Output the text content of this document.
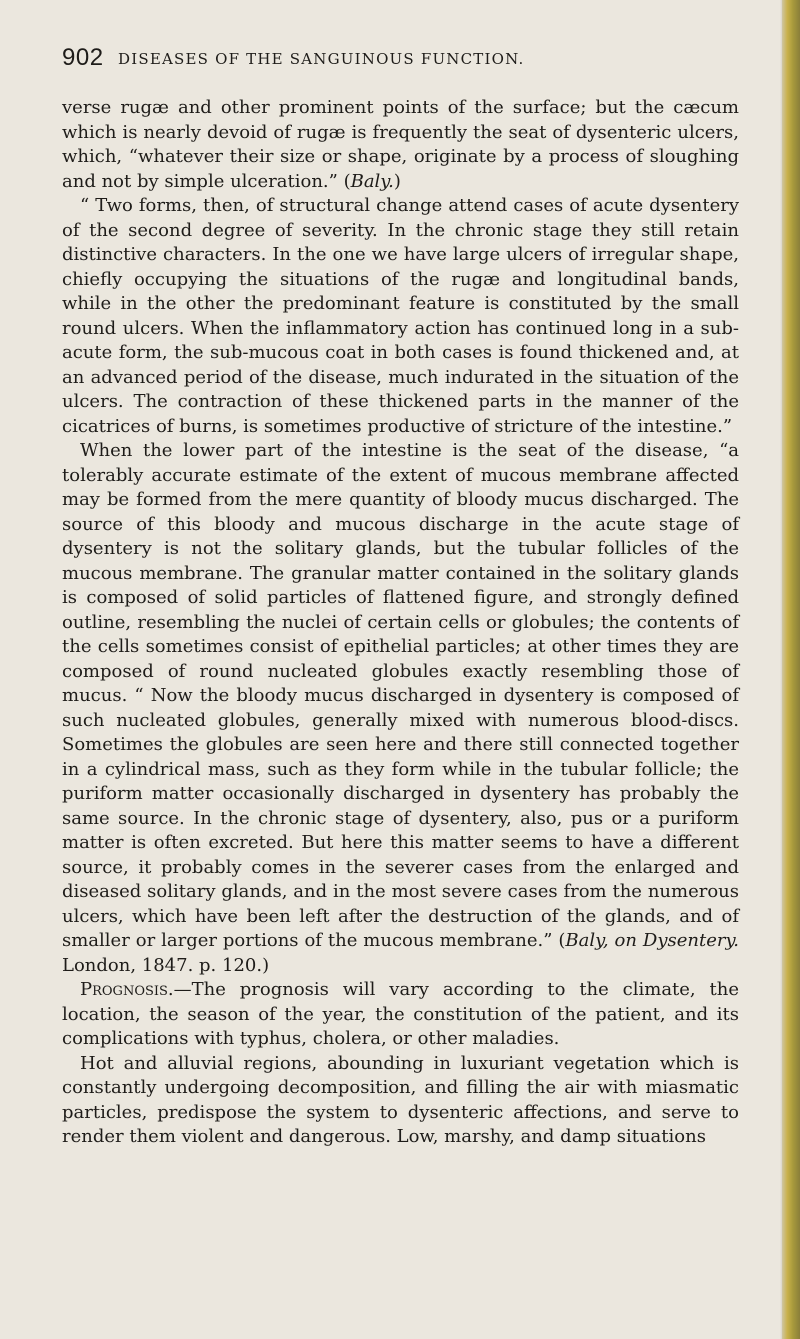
902 DISEASES OF THE SANGUINOUS FUNCTION.

verse rugæ and other prominent points of the surface; but the cæcum which is nearly devoid of rugæ is frequently the seat of dysenteric ulcers, which, “whatever their size or shape, originate by a process of sloughing and not by simple ulceration.” (Baly.)

“ Two forms, then, of structural change attend cases of acute dysentery of the second degree of severity. In the chronic stage they still retain distinctive characters. In the one we have large ulcers of irregular shape, chiefly occupying the situations of the rugæ and longitudinal bands, while in the other the predominant feature is constituted by the small round ulcers. When the inflammatory action has continued long in a sub-acute form, the sub-mucous coat in both cases is found thickened and, at an advanced period of the disease, much indurated in the situation of the ulcers. The contraction of these thickened parts in the manner of the cicatrices of burns, is sometimes productive of stricture of the intestine.”

When the lower part of the intestine is the seat of the disease, “a tolerably accurate estimate of the extent of mucous membrane affected may be formed from the mere quantity of bloody mucus discharged. The source of this bloody and mucous discharge in the acute stage of dysentery is not the solitary glands, but the tubular follicles of the mucous membrane. The granular matter contained in the solitary glands is composed of solid particles of flattened figure, and strongly defined outline, resembling the nuclei of certain cells or globules; the contents of the cells sometimes consist of epithelial particles; at other times they are composed of round nucleated globules exactly resembling those of mucus. “ Now the bloody mucus discharged in dysentery is composed of such nucleated globules, generally mixed with numerous blood-discs. Sometimes the globules are seen here and there still connected together in a cylindrical mass, such as they form while in the tubular follicle; the puriform matter occasionally discharged in dysentery has probably the same source. In the chronic stage of dysentery, also, pus or a puriform matter is often excreted. But here this matter seems to have a different source, it probably comes in the severer cases from the enlarged and diseased solitary glands, and in the most severe cases from the numerous ulcers, which have been left after the destruction of the glands, and of smaller or larger portions of the mucous membrane.” (Baly, on Dysentery. London, 1847. p. 120.)

Prognosis.—The prognosis will vary according to the climate, the location, the season of the year, the constitution of the patient, and its complications with typhus, cholera, or other maladies.

Hot and alluvial regions, abounding in luxuriant vegetation which is constantly undergoing decomposition, and filling the air with miasmatic particles, predispose the system to dysenteric affections, and serve to render them violent and dangerous. Low, marshy, and damp situations
